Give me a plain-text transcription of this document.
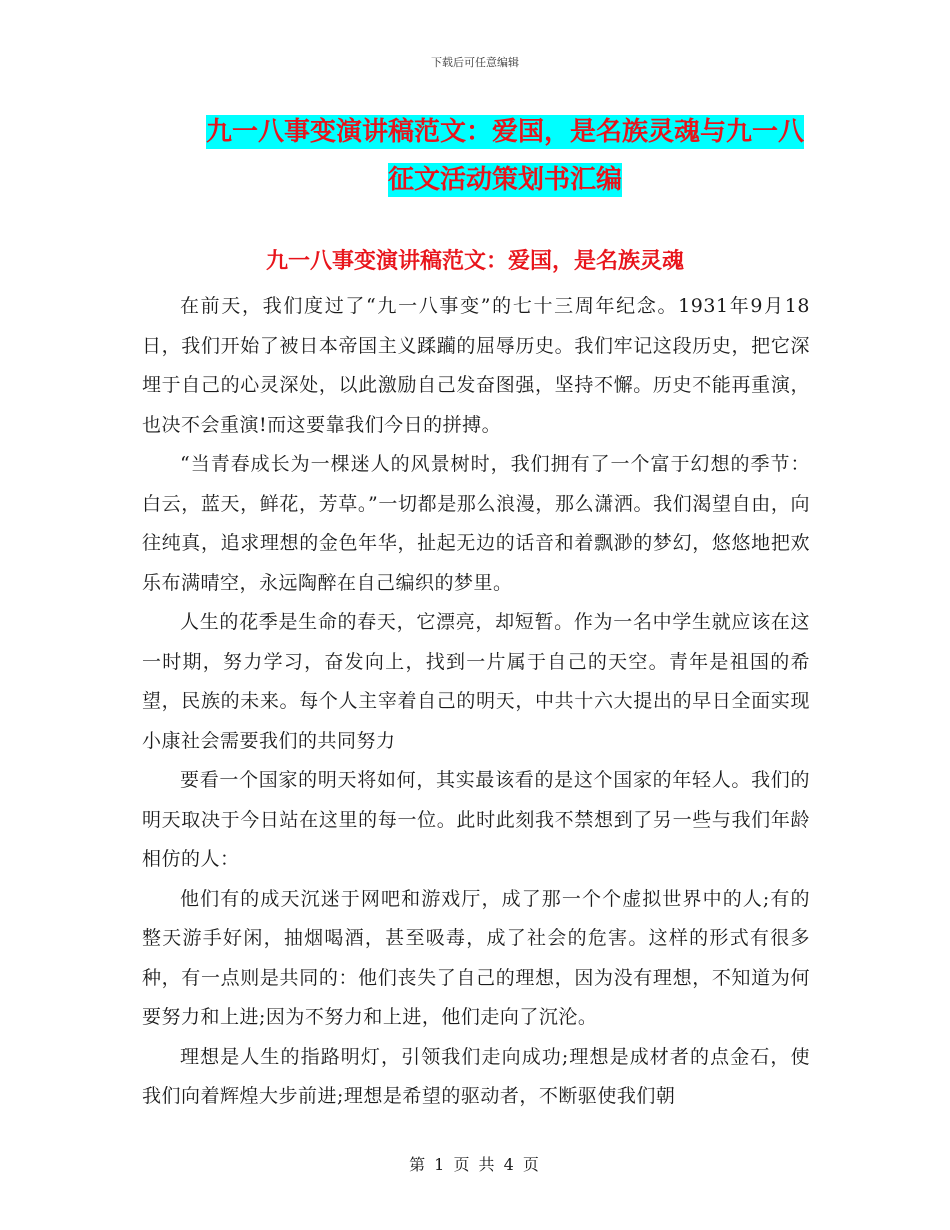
下载后可任意编辑
九一八事变演讲稿范文：爱国，是名族灵魂与九一八
征文活动策划书汇编
九一八事变演讲稿范文：爱国，是名族灵魂

在前天，我们度过了“九一八事变”的七十三周年纪念。1931年9月18日，我们开始了被日本帝国主义蹂躏的屈辱历史。我们牢记这段历史，把它深埋于自己的心灵深处，以此激励自己发奋图强，坚持不懈。历史不能再重演，也决不会重演!而这要靠我们今日的拼搏。

“当青春成长为一棵迷人的风景树时，我们拥有了一个富于幻想的季节：白云，蓝天，鲜花，芳草。”一切都是那么浪漫，那么潇洒。我们渴望自由，向往纯真，追求理想的金色年华，扯起无边的话音和着飘渺的梦幻，悠悠地把欢乐布满晴空，永远陶醉在自己编织的梦里。

人生的花季是生命的春天，它漂亮，却短暂。作为一名中学生就应该在这一时期，努力学习，奋发向上，找到一片属于自己的天空。青年是祖国的希望，民族的未来。每个人主宰着自己的明天，中共十六大提出的早日全面实现小康社会需要我们的共同努力

要看一个国家的明天将如何，其实最该看的是这个国家的年轻人。我们的明天取决于今日站在这里的每一位。此时此刻我不禁想到了另一些与我们年龄相仿的人：

他们有的成天沉迷于网吧和游戏厅，成了那一个个虚拟世界中的人;有的整天游手好闲，抽烟喝酒，甚至吸毒，成了社会的危害。这样的形式有很多种，有一点则是共同的：他们丧失了自己的理想，因为没有理想，不知道为何要努力和上进;因为不努力和上进，他们走向了沉沦。

理想是人生的指路明灯，引领我们走向成功;理想是成材者的点金石，使我们向着辉煌大步前进;理想是希望的驱动者，不断驱使我们朝

第 1 页 共 4 页
